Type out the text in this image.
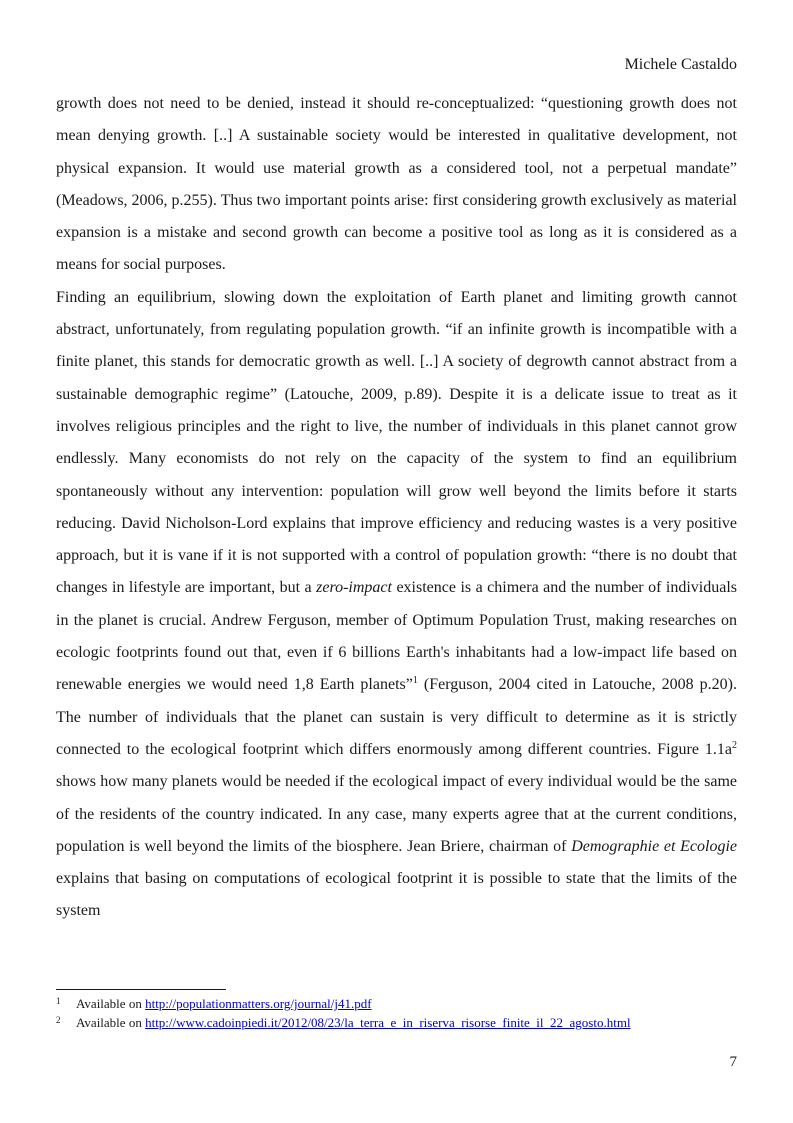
Michele Castaldo

growth does not need to be denied, instead it should re-conceptualized: “questioning growth does not mean denying growth. [..] A sustainable society would be interested in qualitative development, not physical expansion. It would use material growth as a considered tool, not a perpetual mandate” (Meadows, 2006, p.255). Thus two important points arise: first considering growth exclusively as material expansion is a mistake and second growth can become a positive tool as long as it is considered as a means for social purposes.

Finding an equilibrium, slowing down the exploitation of Earth planet and limiting growth cannot abstract, unfortunately, from regulating population growth. “if an infinite growth is incompatible with a finite planet, this stands for democratic growth as well. [..] A society of degrowth cannot abstract from a sustainable demographic regime” (Latouche, 2009, p.89). Despite it is a delicate issue to treat as it involves religious principles and the right to live, the number of individuals in this planet cannot grow endlessly. Many economists do not rely on the capacity of the system to find an equilibrium spontaneously without any intervention: population will grow well beyond the limits before it starts reducing. David Nicholson-Lord explains that improve efficiency and reducing wastes is a very positive approach, but it is vane if it is not supported with a control of population growth: “there is no doubt that changes in lifestyle are important, but a zero-impact existence is a chimera and the number of individuals in the planet is crucial. Andrew Ferguson, member of Optimum Population Trust, making researches on ecologic footprints found out that, even if 6 billions Earth's inhabitants had a low-impact life based on renewable energies we would need 1,8 Earth planets”$^1$ (Ferguson, 2004 cited in Latouche, 2008 p.20). The number of individuals that the planet can sustain is very difficult to determine as it is strictly connected to the ecological footprint which differs enormously among different countries. Figure $1.1a^2$ shows how many planets would be needed if the ecological impact of every individual would be the same of the residents of the country indicated. In any case, many experts agree that at the current conditions, population is well beyond the limits of the biosphere. Jean Briere, chairman of Demographie et Ecologie explains that basing on computations of ecological footprint it is possible to state that the limits of the system

1	Available on http://populationmatters.org/journal/j41.pdf
2	Available on http://www.cadoinpiedi.it/2012/08/23/la_terra_e_in_riserva_risorse_finite_il_22_agosto.html
7
